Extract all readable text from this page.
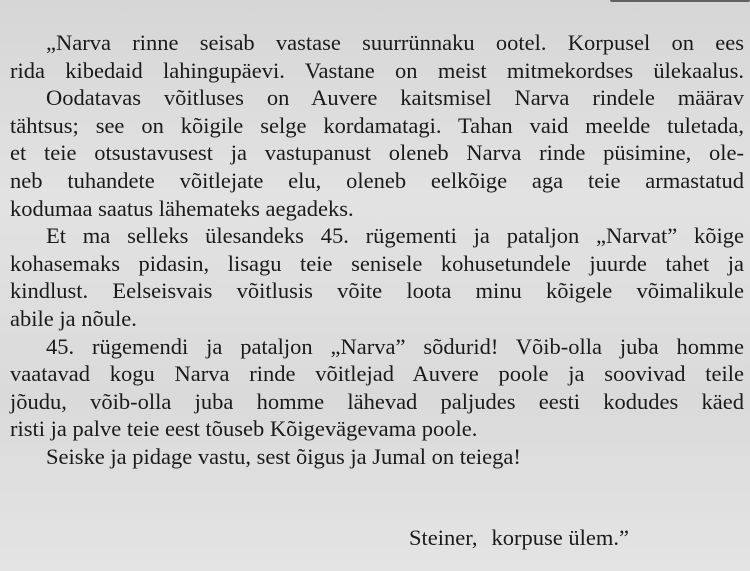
„Narva rinne seisab vastase suurrünnaku ootel. Korpusel on ees
rida kibedaid lahingupäevi. Vastane on meist mitmekordses ülekaalus.
Oodatavas võitluses on Auvere kaitsmisel Narva rindele määrav
tähtsus; see on kõigile selge kordamatagi. Tahan vaid meelde tuletada,
et teie otsustavusest ja vastupanust oleneb Narva rinde püsimine, ole-
neb tuhandete võitlejate elu, oleneb eelkõige aga teie armastatud
kodumaa saatus lähemateks aegadeks.
Et ma selleks ülesandeks 45. rügementi ja pataljon „Narvat” kõige
kohasemaks pidasin, lisagu teie senisele kohusetundele juurde tahet ja
kindlust. Eelseisvais võitlusis võite loota minu kõigele võimalikule
abile ja nõule.
45. rügemendi ja pataljon „Narva” sõdurid! Võib-olla juba homme
vaatavad kogu Narva rinde võitlejad Auvere poole ja soovivad teile
jõudu, võib-olla juba homme lähevad paljudes eesti kodudes käed
risti ja palve teie eest tõuseb Kõigevägevama poole.
Seiske ja pidage vastu, sest õigus ja Jumal on teiega!
Steiner, korpuse ülem.”
